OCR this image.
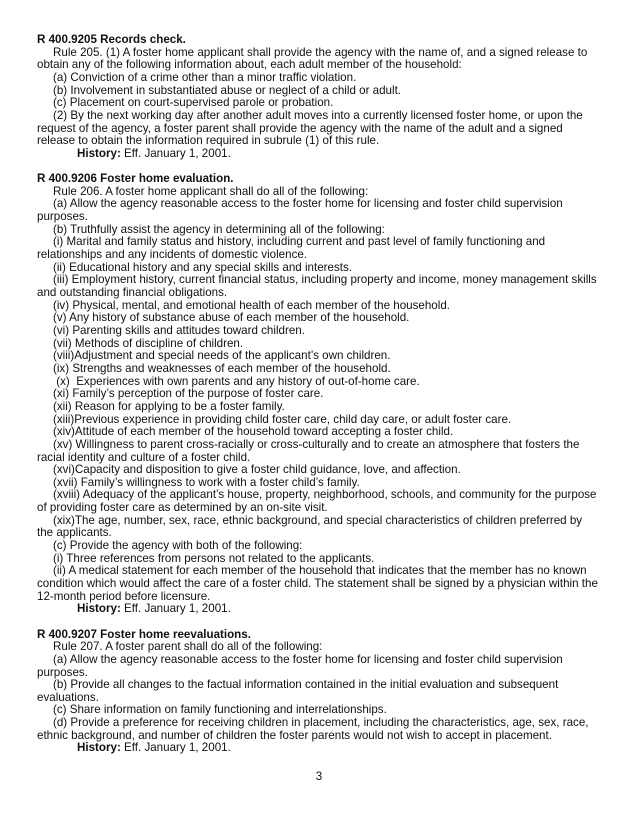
R 400.9205 Records check.
Rule 205. (1) A foster home applicant shall provide the agency with the name of, and a signed release to obtain any of the following information about, each adult member of the household:
(a) Conviction of a crime other than a minor traffic violation.
(b) Involvement in substantiated abuse or neglect of a child or adult.
(c) Placement on court-supervised parole or probation.
(2) By the next working day after another adult moves into a currently licensed foster home, or upon the request of the agency, a foster parent shall provide the agency with the name of the adult and a signed release to obtain the information required in subrule (1) of this rule.
History: Eff. January 1, 2001.
R 400.9206 Foster home evaluation.
Rule 206. A foster home applicant shall do all of the following:
(a) Allow the agency reasonable access to the foster home for licensing and foster child supervision purposes.
(b) Truthfully assist the agency in determining all of the following:
(i) Marital and family status and history, including current and past level of family functioning and relationships and any incidents of domestic violence.
(ii) Educational history and any special skills and interests.
(iii) Employment history, current financial status, including property and income, money management skills and outstanding financial obligations.
(iv) Physical, mental, and emotional health of each member of the household.
(v) Any history of substance abuse of each member of the household.
(vi) Parenting skills and attitudes toward children.
(vii) Methods of discipline of children.
(viii)Adjustment and special needs of the applicant’s own children.
(ix) Strengths and weaknesses of each member of the household.
(x)  Experiences with own parents and any history of out-of-home care.
(xi) Family’s perception of the purpose of foster care.
(xii) Reason for applying to be a foster family.
(xiii)Previous experience in providing child foster care, child day care, or adult foster care.
(xiv)Attitude of each member of the household toward accepting a foster child.
(xv) Willingness to parent cross-racially or cross-culturally and to create an atmosphere that fosters the racial identity and culture of a foster child.
(xvi)Capacity and disposition to give a foster child guidance, love, and affection.
(xvii) Family’s willingness to work with a foster child’s family.
(xviii) Adequacy of the applicant’s house, property, neighborhood, schools, and community for the purpose of providing foster care as determined by an on-site visit.
(xix)The age, number, sex, race, ethnic background, and special characteristics of children preferred by the applicants.
(c) Provide the agency with both of the following:
(i) Three references from persons not related to the applicants.
(ii) A medical statement for each member of the household that indicates that the member has no known condition which would affect the care of a foster child. The statement shall be signed by a physician within the 12-month period before licensure.
History: Eff. January 1, 2001.
R 400.9207 Foster home reevaluations.
Rule 207. A foster parent shall do all of the following:
(a) Allow the agency reasonable access to the foster home for licensing and foster child supervision purposes.
(b) Provide all changes to the factual information contained in the initial evaluation and subsequent evaluations.
(c) Share information on family functioning and interrelationships.
(d) Provide a preference for receiving children in placement, including the characteristics, age, sex, race, ethnic background, and number of children the foster parents would not wish to accept in placement.
History: Eff. January 1, 2001.
3
